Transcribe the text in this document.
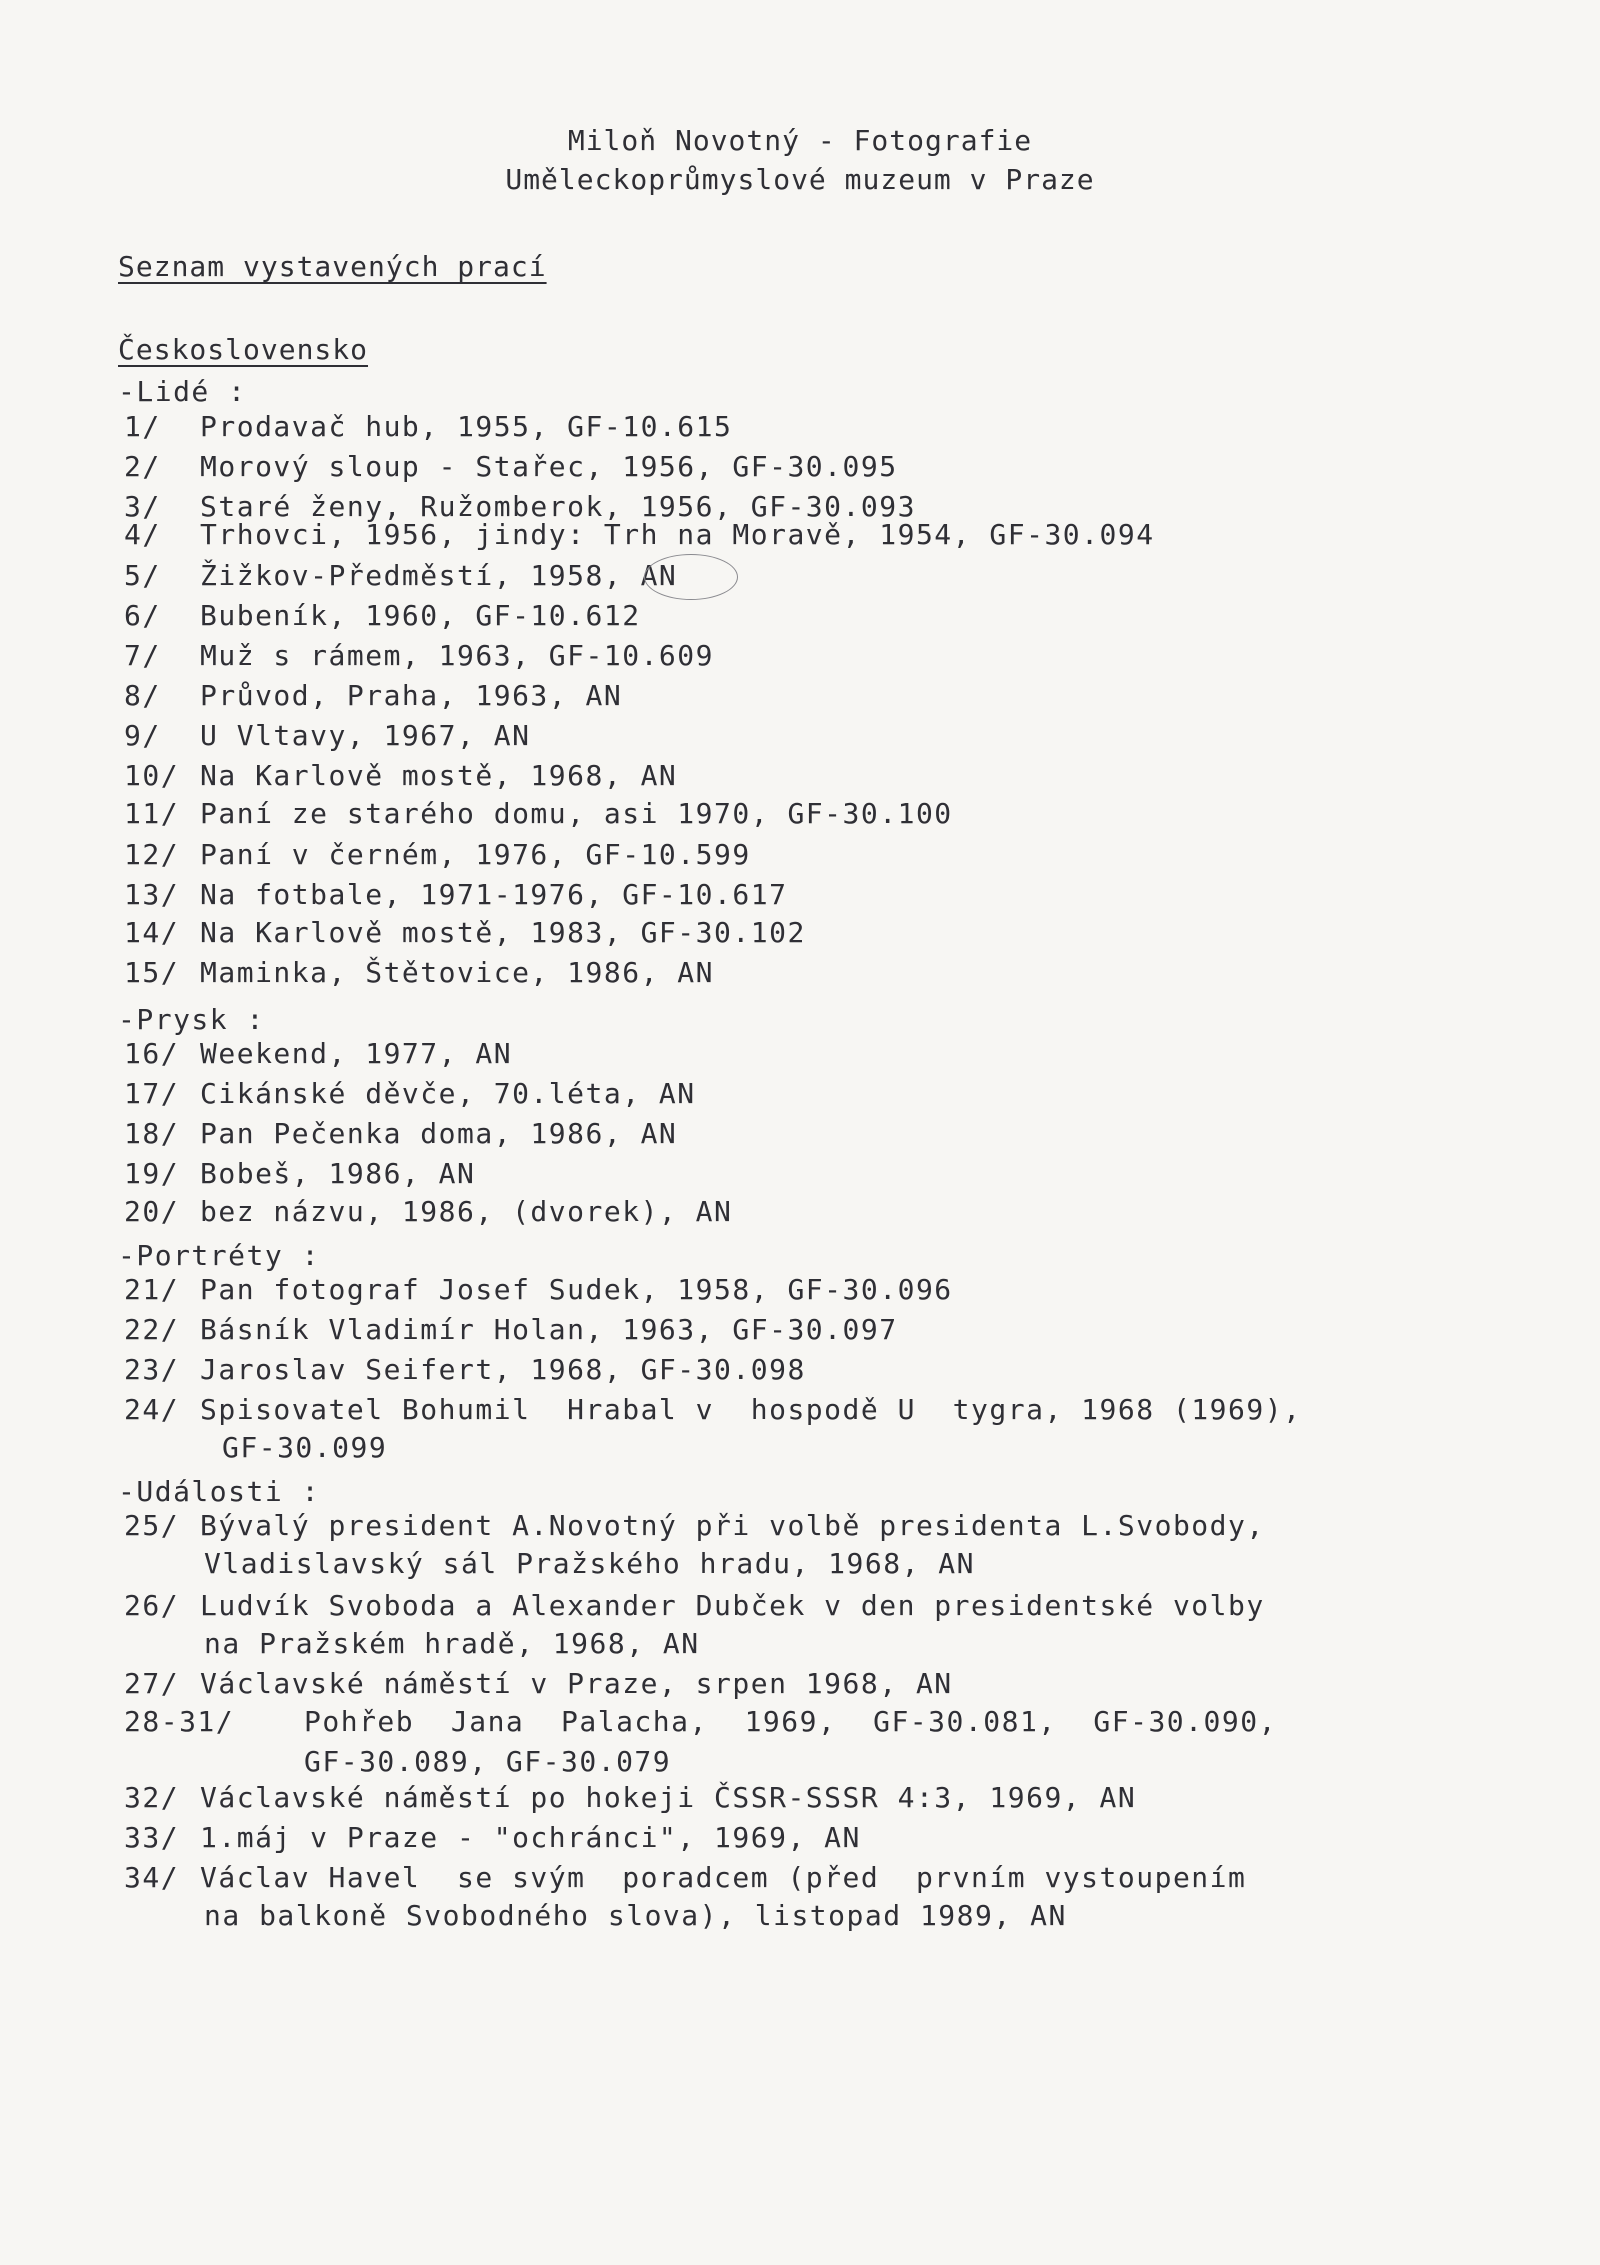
Miloň Novotný - Fotografie
Uměleckoprůmyslové muzeum v Praze
Seznam vystavených prací
Československo
-Lidé :
1/ Prodavač hub, 1955, GF-10.615
2/ Morový sloup - Stařec, 1956, GF-30.095
3/ Staré ženy, Ružomberok, 1956, GF-30.093
4/ Trhovci, 1956, jindy: Trh na Moravě, 1954, GF-30.094
5/ Žižkov-Předměstí, 1958, AN
6/ Bubeník, 1960, GF-10.612
7/ Muž s rámem, 1963, GF-10.609
8/ Průvod, Praha, 1963, AN
9/ U Vltavy, 1967, AN
10/ Na Karlově mostě, 1968, AN
11/ Paní ze starého domu, asi 1970, GF-30.100
12/ Paní v černém, 1976, GF-10.599
13/ Na fotbale, 1971-1976, GF-10.617
14/ Na Karlově mostě, 1983, GF-30.102
15/ Maminka, Štětovice, 1986, AN
-Prysk :
16/ Weekend, 1977, AN
17/ Cikánské děvče, 70.léta, AN
18/ Pan Pečenka doma, 1986, AN
19/ Bobeš, 1986, AN
20/ bez názvu, 1986, (dvorek), AN
-Portréty :
21/ Pan fotograf Josef Sudek, 1958, GF-30.096
22/ Básník Vladimír Holan, 1963, GF-30.097
23/ Jaroslav Seifert, 1968, GF-30.098
24/ Spisovatel Bohumil  Hrabal v  hospodě U  tygra, 1968 (1969),
GF-30.099
-Události :
25/ Bývalý president A.Novotný při volbě presidenta L.Svobody,
Vladislavský sál Pražského hradu, 1968, AN
26/ Ludvík Svoboda a Alexander Dubček v den presidentské volby
na Pražském hradě, 1968, AN
27/ Václavské náměstí v Praze, srpen 1968, AN
28-31/ Pohřeb  Jana  Palacha,  1969,  GF-30.081,  GF-30.090,
GF-30.089, GF-30.079
32/ Václavské náměstí po hokeji ČSSR-SSSR 4:3, 1969, AN
33/ 1.máj v Praze - "ochránci", 1969, AN
34/ Václav Havel  se svým  poradcem (před  prvním vystoupením
na balkoně Svobodného slova), listopad 1989, AN
